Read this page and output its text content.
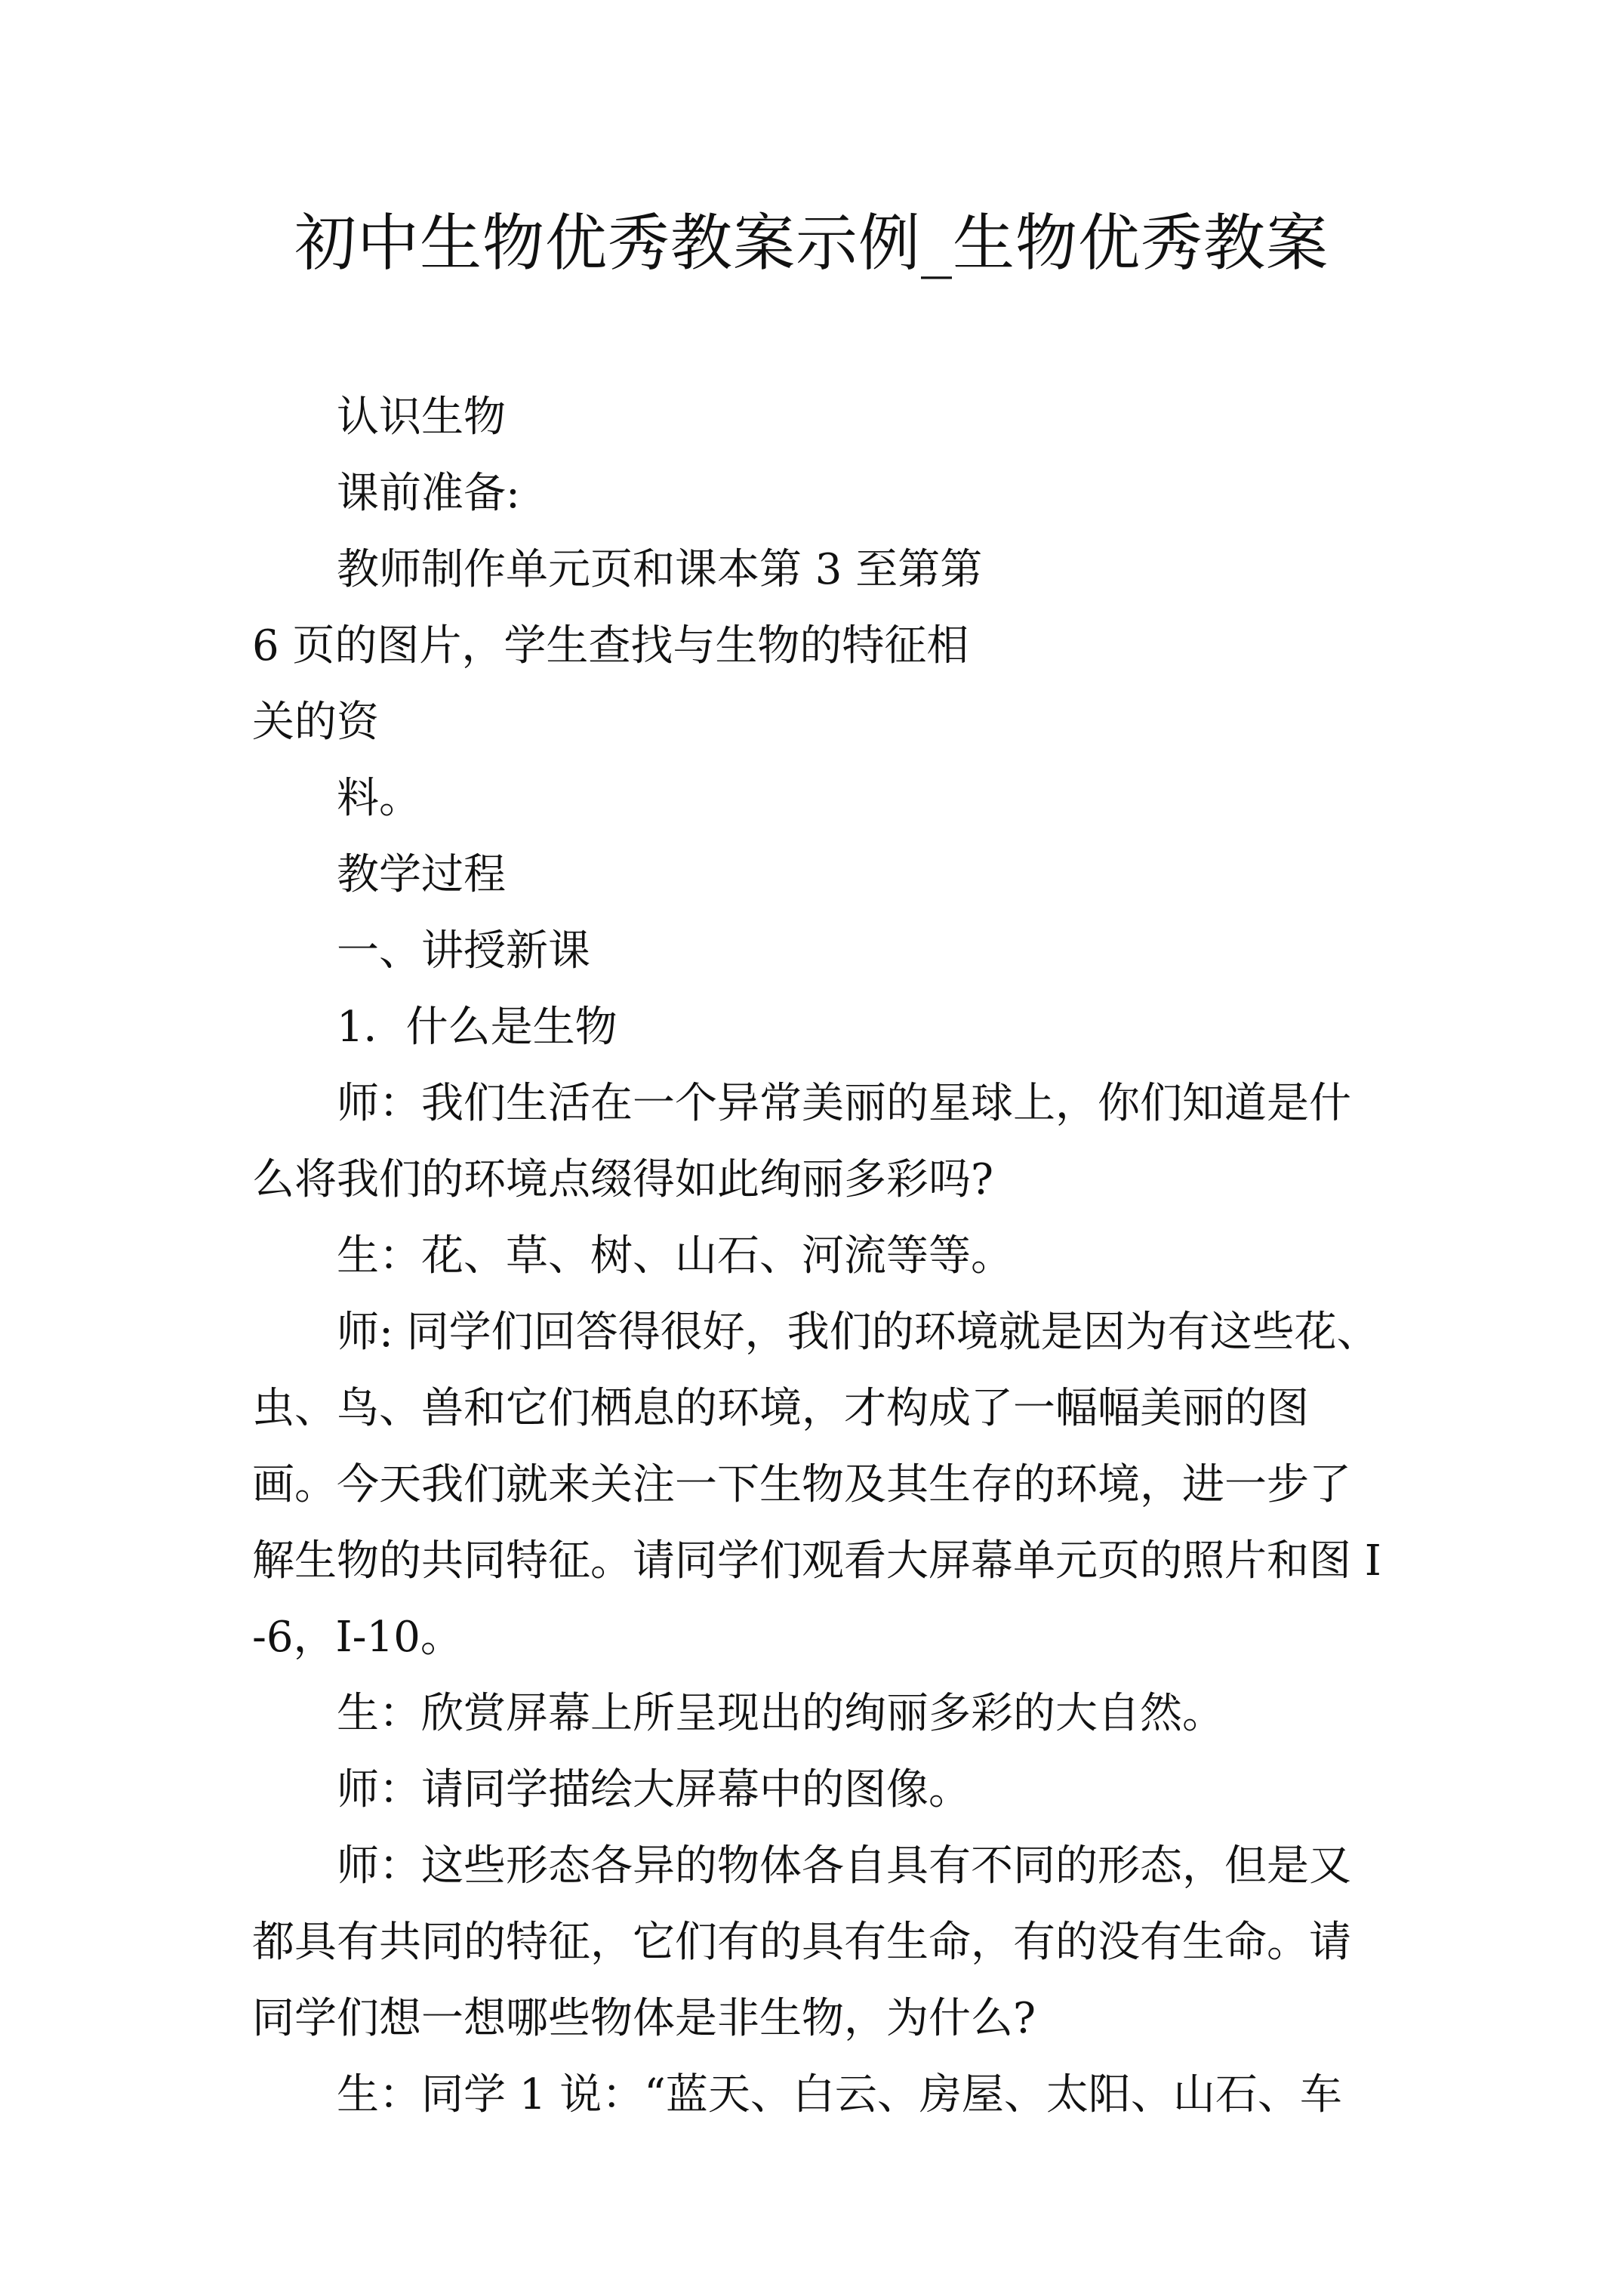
初中生物优秀教案示例_生物优秀教案

认识生物

课前准备:

教师制作单元页和课本第 3 至第第 6 页的图片，学生查找与生物的特征相关的资

料。

教学过程

一、讲授新课

1．什么是生物

师：我们生活在一个异常美丽的星球上，你们知道是什么将我们的环境点缀得如此绚丽多彩吗?

生：花、草、树、山石、河流等等。

师: 同学们回答得很好，我们的环境就是因为有这些花、虫、鸟、兽和它们栖息的环境，才构成了一幅幅美丽的图画。今天我们就来关注一下生物及其生存的环境，进一步了解生物的共同特征。请同学们观看大屏幕单元页的照片和图 I-6，I-10。

生：欣赏屏幕上所呈现出的绚丽多彩的大自然。

师：请同学描绘大屏幕中的图像。

师：这些形态各异的物体各自具有不同的形态，但是又都具有共同的特征，它们有的具有生命，有的没有生命。请同学们想一想哪些物体是非生物，为什么?

生：同学 1 说：“蓝天、白云、房屋、太阳、山石、车
